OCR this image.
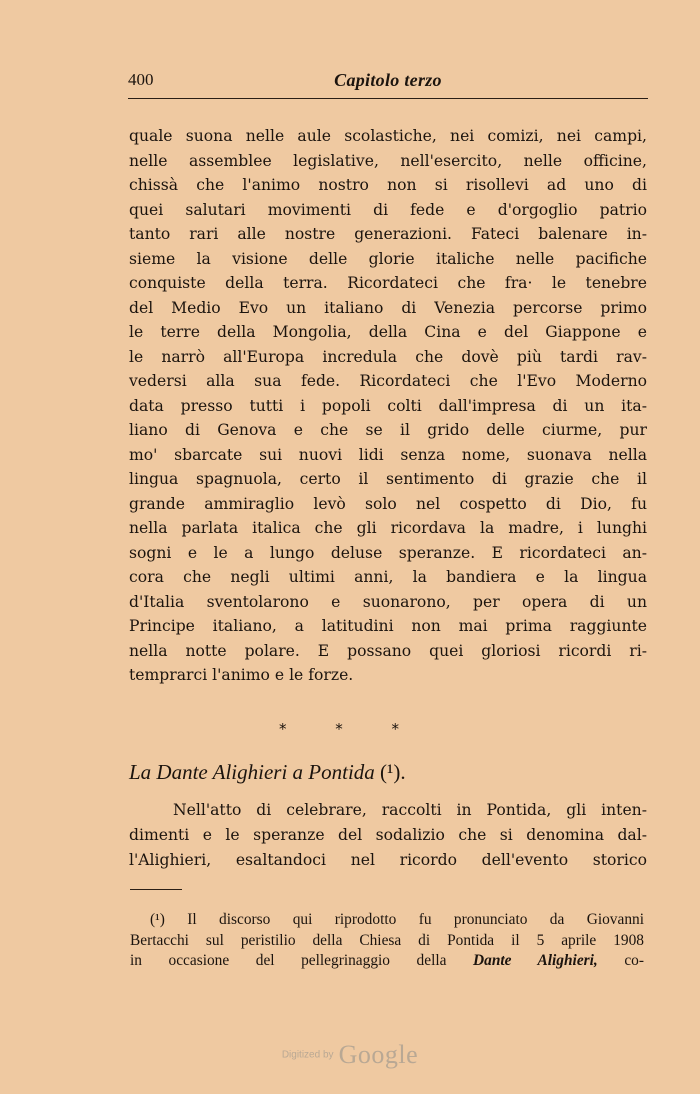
400	Capitolo terzo
quale suona nelle aule scolastiche, nei comizi, nei campi,
nelle assemblee legislative, nell'esercito, nelle officine,
chissà che l'animo nostro non si risollevi ad uno di
quei salutari movimenti di fede e d'orgoglio patrio
tanto rari alle nostre generazioni. Fateci balenare in-
sieme la visione delle glorie italiche nelle pacifiche
conquiste della terra. Ricordateci che fra· le tenebre
del Medio Evo un italiano di Venezia percorse primo
le terre della Mongolia, della Cina e del Giappone e
le narrò all'Europa incredula che dovè più tardi rav-
vedersi alla sua fede. Ricordateci che l'Evo Moderno
data presso tutti i popoli colti dall'impresa di un ita-
liano di Genova e che se il grido delle ciurme, pur
mo' sbarcate sui nuovi lidi senza nome, suonava nella
lingua spagnuola, certo il sentimento di grazie che il
grande ammiraglio levò solo nel cospetto di Dio, fu
nella parlata italica che gli ricordava la madre, i lunghi
sogni e le a lungo deluse speranze. E ricordateci an-
cora che negli ultimi anni, la bandiera e la lingua
d'Italia sventolarono e suonarono, per opera di un
Principe italiano, a latitudini non mai prima raggiunte
nella notte polare. E possano quei gloriosi ricordi ri-
temprarci l'animo e le forze.
* * *
La Dante Alighieri a Pontida (¹).
Nell'atto di celebrare, raccolti in Pontida, gli inten-
dimenti e le speranze del sodalizio che si denomina dal-
l'Alighieri, esaltandoci nel ricordo dell'evento storico
(¹) Il discorso qui riprodotto fu pronunciato da Giovanni
Bertacchi sul peristilio della Chiesa di Pontida il 5 aprile 1908
in occasione del pellegrinaggio della Dante Alighieri, co-
Digitized by Google
